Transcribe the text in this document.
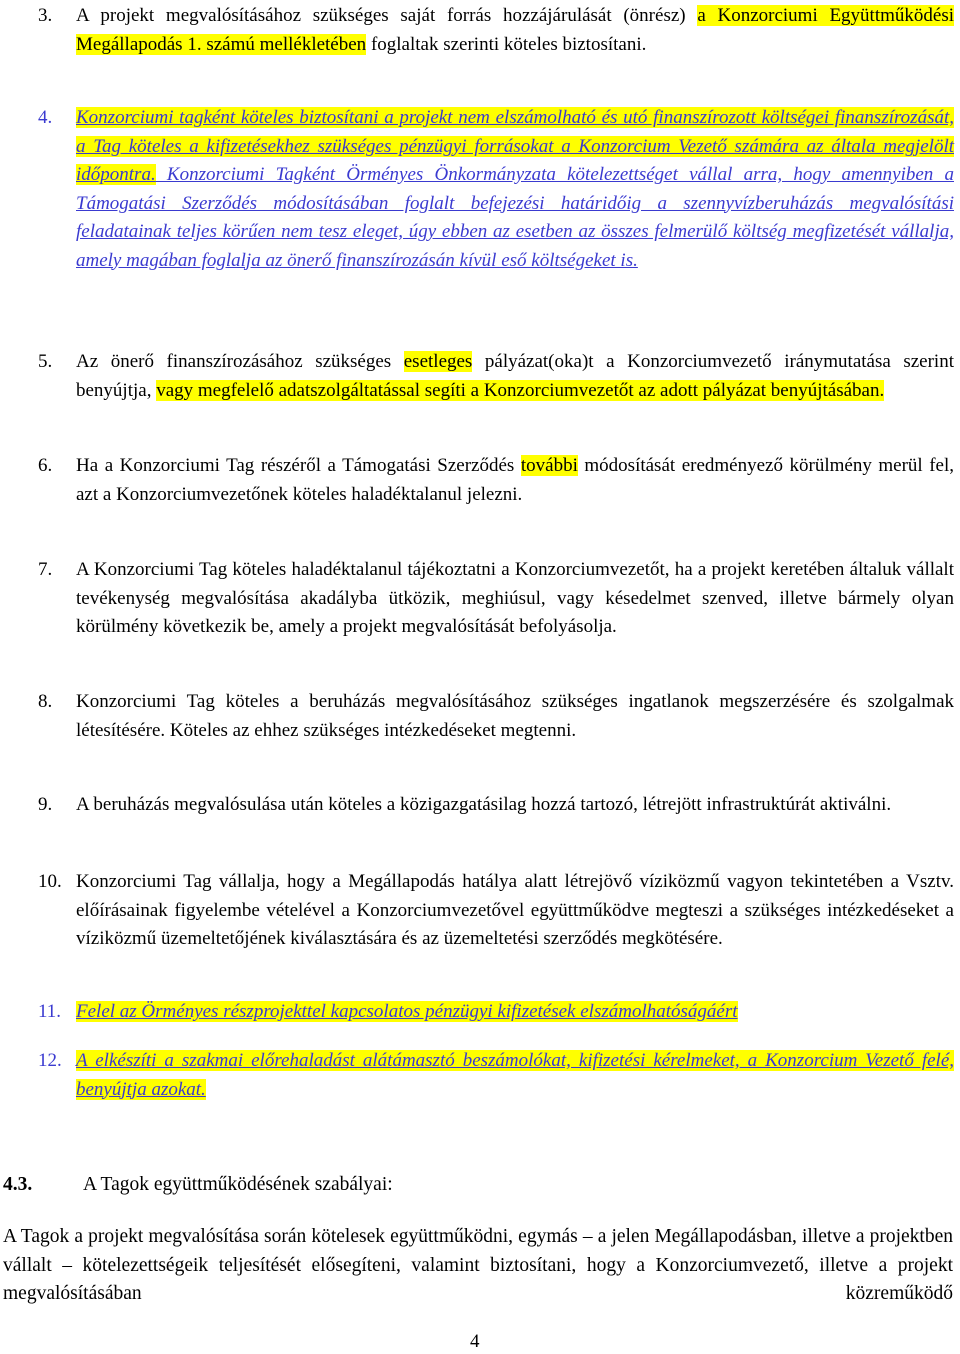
3. A projekt megvalósításához szükséges saját forrás hozzájárulását (önrész) a Konzorciumi Együttműködési Megállapodás 1. számú mellékletében foglaltak szerinti köteles biztosítani.
4. Konzorciumi tagként köteles biztosítani a projekt nem elszámolható és utó finanszírozott költségei finanszírozását, a Tag köteles a kifizetésekhez szükséges pénzügyi forrásokat a Konzorcium Vezető számára az általa megjelölt időpontra. Konzorciumi Tagként Örményes Önkormányzata kötelezettséget vállal arra, hogy amennyiben a Támogatási Szerződés módosításában foglalt befejezési határidőig a szennyvízberuházás megvalósítási feladatainak teljes körűen nem tesz eleget, úgy ebben az esetben az összes felmerülő költség megfizetését vállalja, amely magában foglalja az önerő finanszírozásán kívül eső költségeket is.
5. Az önerő finanszírozásához szükséges esetleges pályázat(oka)t a Konzorciumvezető iránymutatása szerint benyújtja, vagy megfelelő adatszolgáltatással segíti a Konzorciumvezetőt az adott pályázat benyújtásában.
6. Ha a Konzorciumi Tag részéről a Támogatási Szerződés további módosítását eredményező körülmény merül fel, azt a Konzorciumvezetőnek köteles haladéktalanul jelezni.
7. A Konzorciumi Tag köteles haladéktalanul tájékoztatni a Konzorciumvezetőt, ha a projekt keretében általuk vállalt tevékenység megvalósítása akadályba ütközik, meghiúsul, vagy késedelmet szenved, illetve bármely olyan körülmény következik be, amely a projekt megvalósítását befolyásolja.
8. Konzorciumi Tag köteles a beruházás megvalósításához szükséges ingatlanok megszerzésére és szolgalmak létesítésére. Köteles az ehhez szükséges intézkedéseket megtenni.
9. A beruházás megvalósulása után köteles a közigazgatásilag hozzá tartozó, létrejött infrastruktúrát aktiválni.
10. Konzorciumi Tag vállalja, hogy a Megállapodás hatálya alatt létrejövő víziközmű vagyon tekintetében a Vsztv. előírásainak figyelembe vételével a Konzorciumvezetővel együttműködve megteszi a szükséges intézkedéseket a víziközmű üzemeltetőjének kiválasztására és az üzemeltetési szerződés megkötésére.
11. Felel az Örményes részprojekttel kapcsolatos pénzügyi kifizetések elszámolhatóságáért
12. A elkészíti a szakmai előrehaladást alátámasztó beszámolókat, kifizetési kérelmeket, a Konzorcium Vezető felé, benyújtja azokat.
4.3.	A Tagok együttműködésének szabályai:
A Tagok a projekt megvalósítása során kötelesek együttműködni, egymás – a jelen Megállapodásban, illetve a projektben vállalt – kötelezettségeik teljesítését elősegíteni, valamint biztosítani, hogy a Konzorciumvezető, illetve a projekt megvalósításában közreműködő
4
